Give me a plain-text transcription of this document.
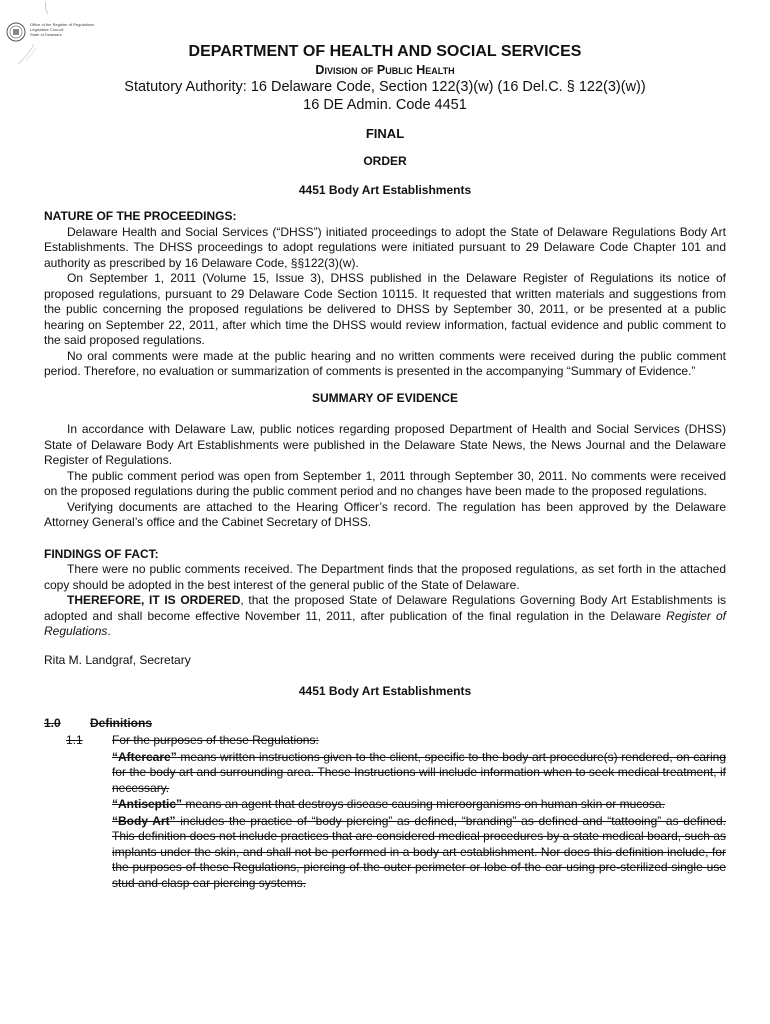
Office of the Register of Regulations
Legislative Council
State of Delaware
DEPARTMENT OF HEALTH AND SOCIAL SERVICES
Division of Public Health
Statutory Authority: 16 Delaware Code, Section 122(3)(w) (16 Del.C. § 122(3)(w))
16 DE Admin. Code 4451
FINAL
ORDER
4451 Body Art Establishments
NATURE OF THE PROCEEDINGS:

Delaware Health and Social Services (“DHSS”) initiated proceedings to adopt the State of Delaware Regulations Body Art Establishments. The DHSS proceedings to adopt regulations were initiated pursuant to 29 Delaware Code Chapter 101 and authority as prescribed by 16 Delaware Code, §§122(3)(w).

On September 1, 2011 (Volume 15, Issue 3), DHSS published in the Delaware Register of Regulations its notice of proposed regulations, pursuant to 29 Delaware Code Section 10115. It requested that written materials and suggestions from the public concerning the proposed regulations be delivered to DHSS by September 30, 2011, or be presented at a public hearing on September 22, 2011, after which time the DHSS would review information, factual evidence and public comment to the said proposed regulations.

No oral comments were made at the public hearing and no written comments were received during the public comment period. Therefore, no evaluation or summarization of comments is presented in the accompanying “Summary of Evidence.”

SUMMARY OF EVIDENCE

In accordance with Delaware Law, public notices regarding proposed Department of Health and Social Services (DHSS) State of Delaware Body Art Establishments were published in the Delaware State News, the News Journal and the Delaware Register of Regulations.

The public comment period was open from September 1, 2011 through September 30, 2011. No comments were received on the proposed regulations during the public comment period and no changes have been made to the proposed regulations.

Verifying documents are attached to the Hearing Officer’s record. The regulation has been approved by the Delaware Attorney General’s office and the Cabinet Secretary of DHSS.

FINDINGS OF FACT:

There were no public comments received. The Department finds that the proposed regulations, as set forth in the attached copy should be adopted in the best interest of the general public of the State of Delaware.

THEREFORE, IT IS ORDERED, that the proposed State of Delaware Regulations Governing Body Art Establishments is adopted and shall become effective November 11, 2011, after publication of the final regulation in the Delaware Register of Regulations.

Rita M. Landgraf, Secretary

4451 Body Art Establishments
1.0	Definitions
1.1	For the purposes of these Regulations:

“Aftercare” means written instructions given to the client, specific to the body art procedure(s) rendered, on caring for the body art and surrounding area. These Instructions will include information when to seek medical treatment, if necessary.

“Antiseptic” means an agent that destroys disease causing microorganisms on human skin or mucosa.

“Body Art” includes the practice of “body piercing” as defined, “branding” as defined and “tattooing” as defined. This definition does not include practices that are considered medical procedures by a state medical board, such as implants under the skin, and shall not be performed in a body art establishment. Nor does this definition include, for the purposes of these Regulations, piercing of the outer perimeter or lobe of the ear using pre-sterilized single use stud and clasp ear piercing systems.
